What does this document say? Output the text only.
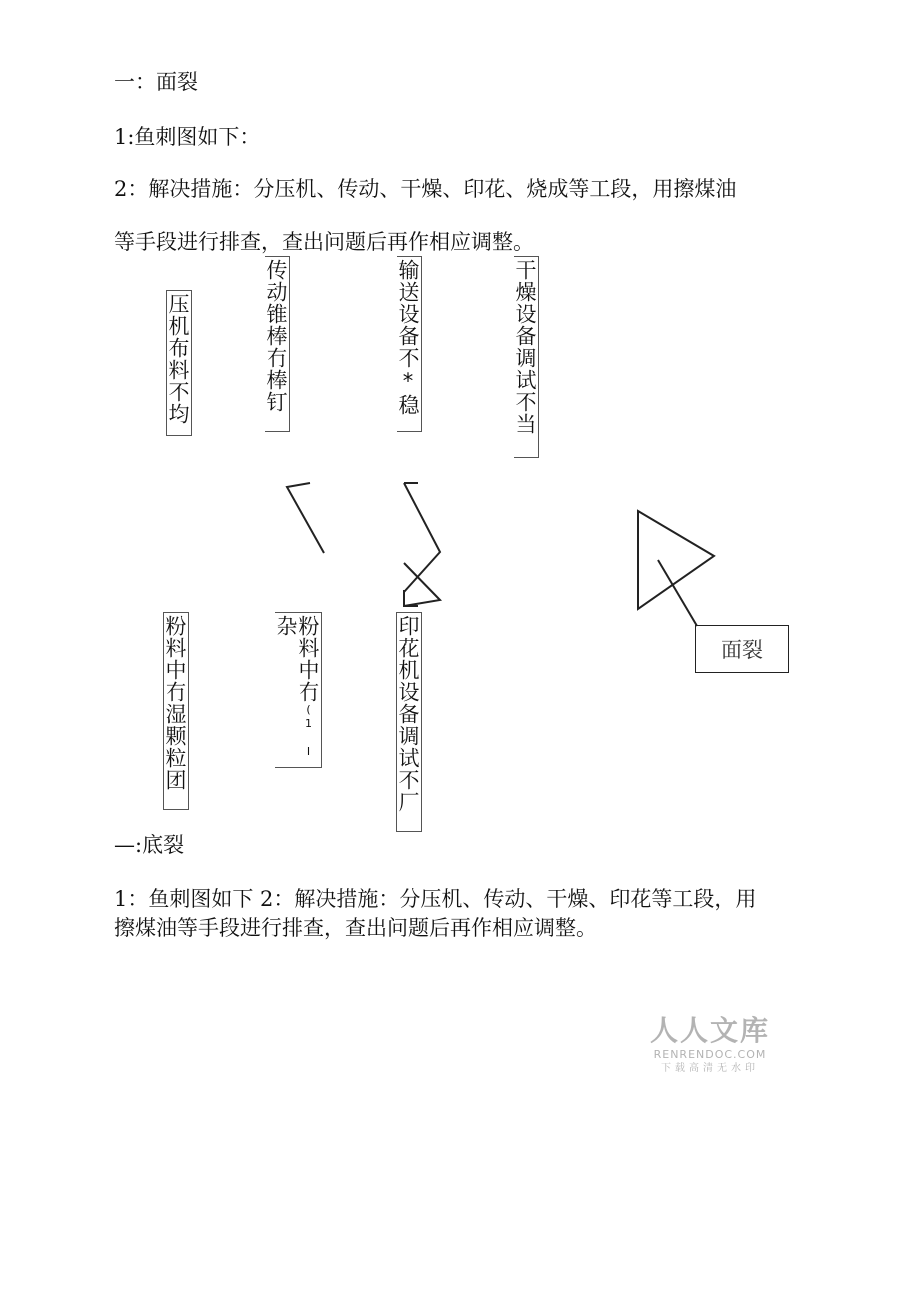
一：面裂
1:鱼刺图如下：
2：解决措施：分压机、传动、干燥、印花、烧成等工段，用擦煤油
等手段进行排查，查出问题后再作相应调整。
压机布料不均	传动锥棒冇棒钉	输送设备不*稳	干燥设备调试不当
粉料中冇湿颗粒团	粉料中冇(1 I杂	印花机设备调试不厂	面裂
—:底裂
1：鱼刺图如下 2：解决措施：分压机、传动、干燥、印花等工段，用
擦煤油等手段进行排查，查出问题后再作相应调整。
人人文库
RENRENDOC.COM
下载高清无水印
